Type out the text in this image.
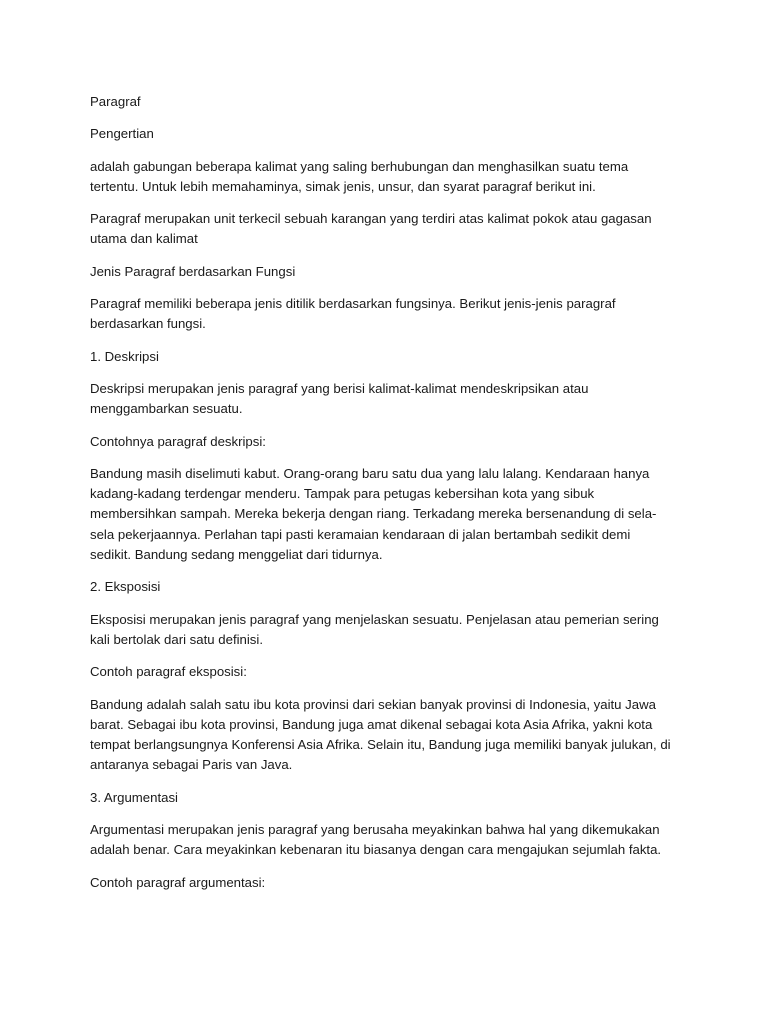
Paragraf

Pengertian

adalah gabungan beberapa kalimat yang saling berhubungan dan menghasilkan suatu tema tertentu. Untuk lebih memahaminya, simak jenis, unsur, dan syarat paragraf berikut ini.

Paragraf merupakan unit terkecil sebuah karangan yang terdiri atas kalimat pokok atau gagasan utama dan kalimat

Jenis Paragraf berdasarkan Fungsi

Paragraf memiliki beberapa jenis ditilik berdasarkan fungsinya. Berikut jenis-jenis paragraf berdasarkan fungsi.

1. Deskripsi

Deskripsi merupakan jenis paragraf yang berisi kalimat-kalimat mendeskripsikan atau menggambarkan sesuatu.

Contohnya paragraf deskripsi:

Bandung masih diselimuti kabut. Orang-orang baru satu dua yang lalu lalang. Kendaraan hanya kadang-kadang terdengar menderu. Tampak para petugas kebersihan kota yang sibuk membersihkan sampah. Mereka bekerja dengan riang. Terkadang mereka bersenandung di sela-sela pekerjaannya. Perlahan tapi pasti keramaian kendaraan di jalan bertambah sedikit demi sedikit. Bandung sedang menggeliat dari tidurnya.

2. Eksposisi

Eksposisi merupakan jenis paragraf yang menjelaskan sesuatu. Penjelasan atau pemerian sering kali bertolak dari satu definisi.

Contoh paragraf eksposisi:

Bandung adalah salah satu ibu kota provinsi dari sekian banyak provinsi di Indonesia, yaitu Jawa barat. Sebagai ibu kota provinsi, Bandung juga amat dikenal sebagai kota Asia Afrika, yakni kota tempat berlangsungnya Konferensi Asia Afrika. Selain itu, Bandung juga memiliki banyak julukan, di antaranya sebagai Paris van Java.

3. Argumentasi

Argumentasi merupakan jenis paragraf yang berusaha meyakinkan bahwa hal yang dikemukakan adalah benar. Cara meyakinkan kebenaran itu biasanya dengan cara mengajukan sejumlah fakta.

Contoh paragraf argumentasi:
